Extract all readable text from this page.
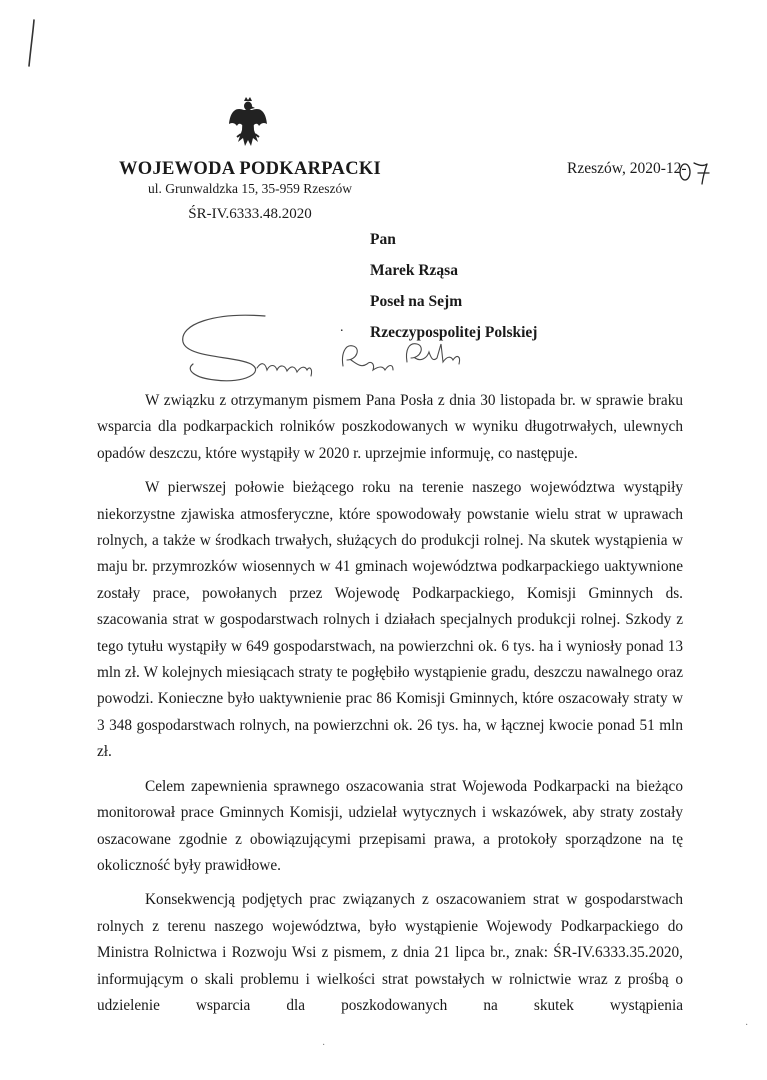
WOJEWODA PODKARPACKI
ul. Grunwaldzka 15, 35-959 Rzeszów
ŚR-IV.6333.48.2020
Rzeszów, 2020-12-
Pan
Marek Rząsa
Poseł na Sejm
Rzeczypospolitej Polskiej
.

W związku z otrzymanym pismem Pana Posła z dnia 30 listopada br. w sprawie braku wsparcia dla podkarpackich rolników poszkodowanych w wyniku długotrwałych, ulewnych opadów deszczu, które wystąpiły w 2020 r. uprzejmie informuję, co następuje.

W pierwszej połowie bieżącego roku na terenie naszego województwa wystąpiły niekorzystne zjawiska atmosferyczne, które spowodowały powstanie wielu strat w uprawach rolnych, a także w środkach trwałych, służących do produkcji rolnej. Na skutek wystąpienia w maju br. przymrozków wiosennych w 41 gminach województwa podkarpackiego uaktywnione zostały prace, powołanych przez Wojewodę Podkarpackiego, Komisji Gminnych ds. szacowania strat w gospodarstwach rolnych i działach specjalnych produkcji rolnej. Szkody z tego tytułu wystąpiły w 649 gospodarstwach, na powierzchni ok. 6 tys. ha i wyniosły ponad 13 mln zł. W kolejnych miesiącach straty te pogłębiło wystąpienie gradu, deszczu nawalnego oraz powodzi. Konieczne było uaktywnienie prac 86 Komisji Gminnych, które oszacowały straty w 3 348 gospodarstwach rolnych, na powierzchni ok. 26 tys. ha, w łącznej kwocie ponad 51 mln zł.

Celem zapewnienia sprawnego oszacowania strat Wojewoda Podkarpacki na bieżąco monitorował prace Gminnych Komisji, udzielał wytycznych i wskazówek, aby straty zostały oszacowane zgodnie z obowiązującymi przepisami prawa, a protokoły sporządzone na tę okoliczność były prawidłowe.

Konsekwencją podjętych prac związanych z oszacowaniem strat w gospodarstwach rolnych z terenu naszego województwa, było wystąpienie Wojewody Podkarpackiego do Ministra Rolnictwa i Rozwoju Wsi z pismem, z dnia 21 lipca br., znak: ŚR-IV.6333.35.2020, informującym o skali problemu i wielkości strat powstałych w rolnictwie wraz z prośbą o udzielenie wsparcia dla poszkodowanych na skutek wystąpienia

·
·
